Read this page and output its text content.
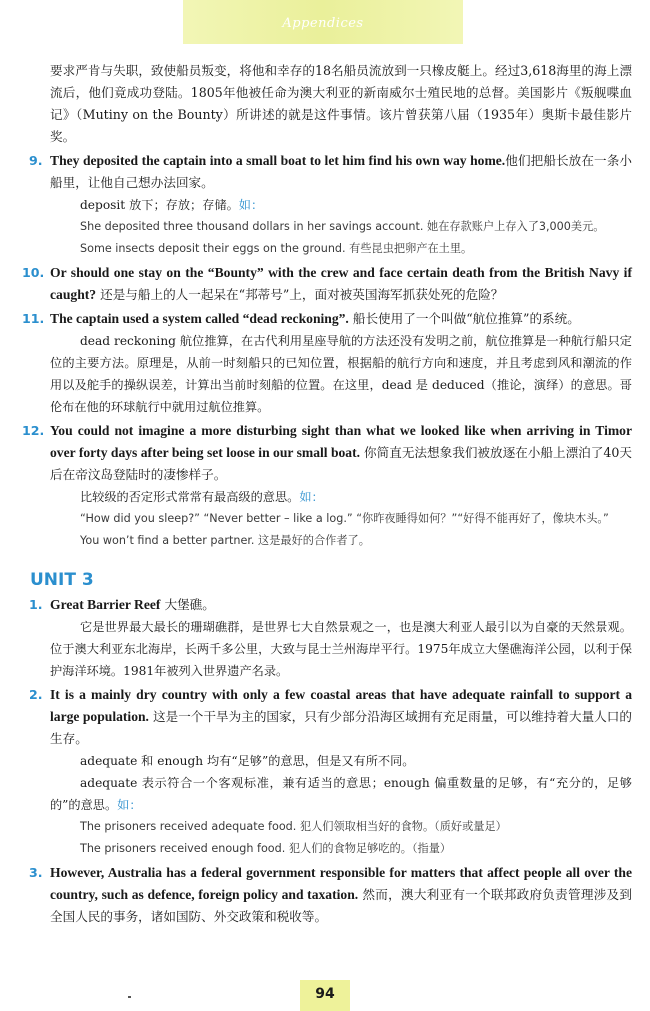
Appendices

要求严肯与失职，致使船员叛变，将他和幸存的18名船员流放到一只橡皮艇上。经过3,618海里的海上漂流后，他们竟成功登陆。1805年他被任命为澳大利亚的新南威尔士殖民地的总督。美国影片《叛舰喋血记》（Mutiny on the Bounty）所讲述的就是这件事情。该片曾获第八届（1935年）奥斯卡最佳影片奖。

9. They deposited the captain into a small boat to let him find his own way home.他们把船长放在一条小船里，让他自己想办法回家。

deposit 放下；存放；存储。如：

She deposited three thousand dollars in her savings account. 她在存款账户上存入了3,000美元。

Some insects deposit their eggs on the ground. 有些昆虫把卵产在土里。

10. Or should one stay on the “Bounty” with the crew and face certain death from the British Navy if caught? 还是与船上的人一起呆在“邦蒂号”上，面对被英国海军抓获处死的危险？

11. The captain used a system called “dead reckoning”. 船长使用了一个叫做“航位推算”的系统。

dead reckoning 航位推算，在古代利用星座导航的方法还没有发明之前，航位推算是一种航行船只定位的主要方法。原理是，从前一时刻船只的已知位置，根据船的航行方向和速度，并且考虑到风和潮流的作用以及舵手的操纵误差，计算出当前时刻船的位置。在这里，dead 是 deduced（推论，演绎）的意思。哥伦布在他的环球航行中就用过航位推算。

12. You could not imagine a more disturbing sight than what we looked like when arriving in Timor over forty days after being set loose in our small boat. 你简直无法想象我们被放逐在小船上漂泊了40天后在帝汶岛登陆时的凄惨样子。

比较级的否定形式常常有最高级的意思。如：

“How did you sleep?” “Never better – like a log.” “你昨夜睡得如何？”“好得不能再好了，像块木头。”

You won’t find a better partner. 这是最好的合作者了。

UNIT 3
1. Great Barrier Reef 大堡礁。

它是世界最大最长的珊瑚礁群，是世界七大自然景观之一，也是澳大利亚人最引以为自豪的天然景观。位于澳大利亚东北海岸，长两千多公里，大致与昆士兰州海岸平行。1975年成立大堡礁海洋公园，以利于保护海洋环境。1981年被列入世界遗产名录。

2. It is a mainly dry country with only a few coastal areas that have adequate rainfall to support a large population. 这是一个干旱为主的国家，只有少部分沿海区域拥有充足雨量，可以维持着大量人口的生存。

adequate 和 enough 均有“足够”的意思，但是又有所不同。

adequate 表示符合一个客观标准，兼有适当的意思；enough 偏重数量的足够，有“充分的，足够的”的意思。如：

The prisoners received adequate food. 犯人们领取相当好的食物。（质好或量足）

The prisoners received enough food. 犯人们的食物足够吃的。（指量）

3. However, Australia has a federal government responsible for matters that affect people all over the country, such as defence, foreign policy and taxation. 然而，澳大利亚有一个联邦政府负责管理涉及到全国人民的事务，诸如国防、外交政策和税收等。

94
